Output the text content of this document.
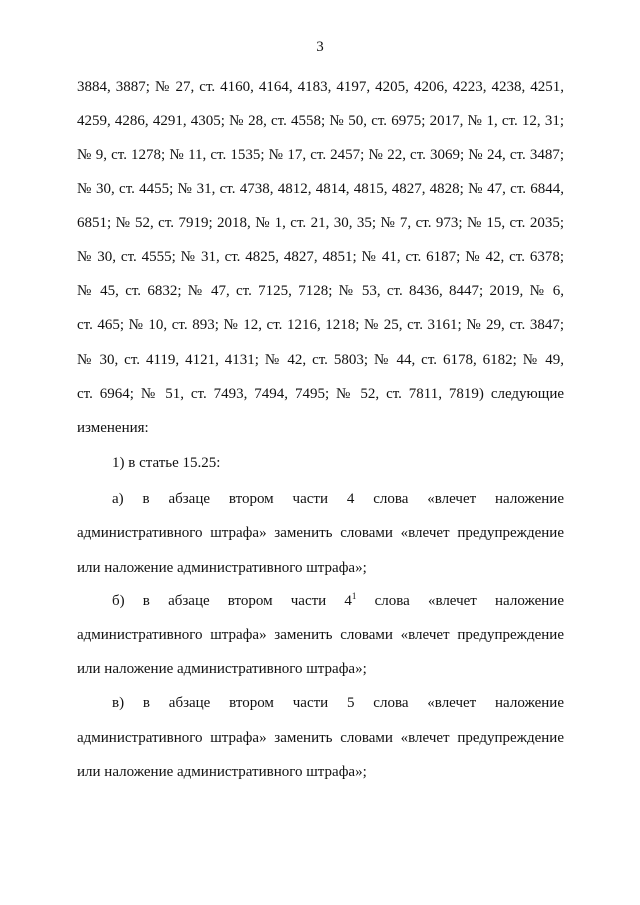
3
3884, 3887; № 27, ст. 4160, 4164, 4183, 4197, 4205, 4206, 4223, 4238, 4251,
4259, 4286, 4291, 4305; № 28, ст. 4558; № 50, ст. 6975; 2017, № 1, ст. 12, 31;
№ 9, ст. 1278; № 11, ст. 1535; № 17, ст. 2457; № 22, ст. 3069; № 24, ст. 3487;
№ 30, ст. 4455; № 31, ст. 4738, 4812, 4814, 4815, 4827, 4828; № 47, ст. 6844,
6851; № 52, ст. 7919; 2018, № 1, ст. 21, 30, 35; № 7, ст. 973; № 15, ст. 2035;
№ 30, ст. 4555; № 31, ст. 4825, 4827, 4851; № 41, ст. 6187; № 42, ст. 6378;
№ 45, ст. 6832; № 47, ст. 7125, 7128; № 53, ст. 8436, 8447; 2019, № 6,
ст. 465; № 10, ст. 893; № 12, ст. 1216, 1218; № 25, ст. 3161; № 29, ст. 3847;
№ 30, ст. 4119, 4121, 4131; № 42, ст. 5803; № 44, ст. 6178, 6182; № 49,
ст. 6964; № 51, ст. 7493, 7494, 7495; № 52, ст. 7811, 7819) следующие
изменения:
1) в статье 15.25:
а) в абзаце втором части 4 слова «влечет наложение
административного штрафа» заменить словами «влечет предупреждение
или наложение административного штрафа»;
б) в абзаце втором части $4^1$ слова «влечет наложение
административного штрафа» заменить словами «влечет предупреждение
или наложение административного штрафа»;
в) в абзаце втором части 5 слова «влечет наложение
административного штрафа» заменить словами «влечет предупреждение
или наложение административного штрафа»;
